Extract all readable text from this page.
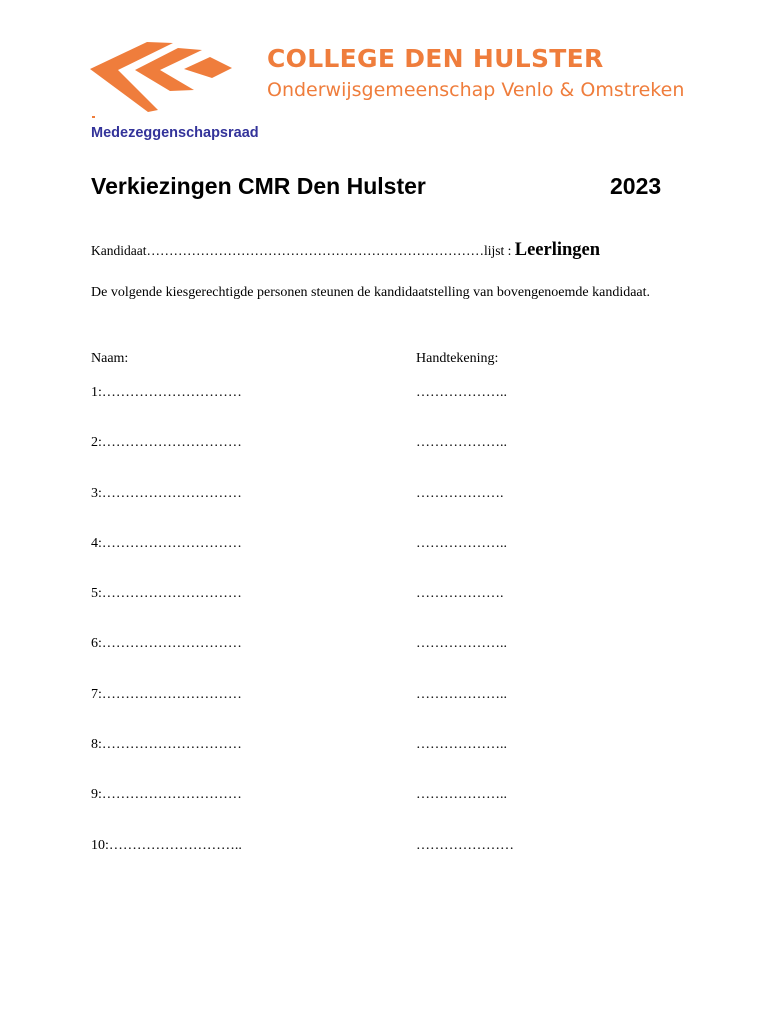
COLLEGE DEN HULSTER
Onderwijsgemeenschap Venlo & Omstreken
Medezeggenschapsraad
Verkiezingen CMR Den Hulster	2023
Kandidaat…………………………………………………………………lijst : Leerlingen
De volgende kiesgerechtigde personen steunen de kandidaatstelling van bovengenoemde kandidaat.
Naam:	Handtekening:
1:…………………………	………………..
2:…………………………	………………..
3:…………………………	……………….
4:…………………………	………………..
5:…………………………	……………….
6:…………………………	………………..
7:…………………………	………………..
8:…………………………	………………..
9:…………………………	………………..
10:………………………..	…………………
